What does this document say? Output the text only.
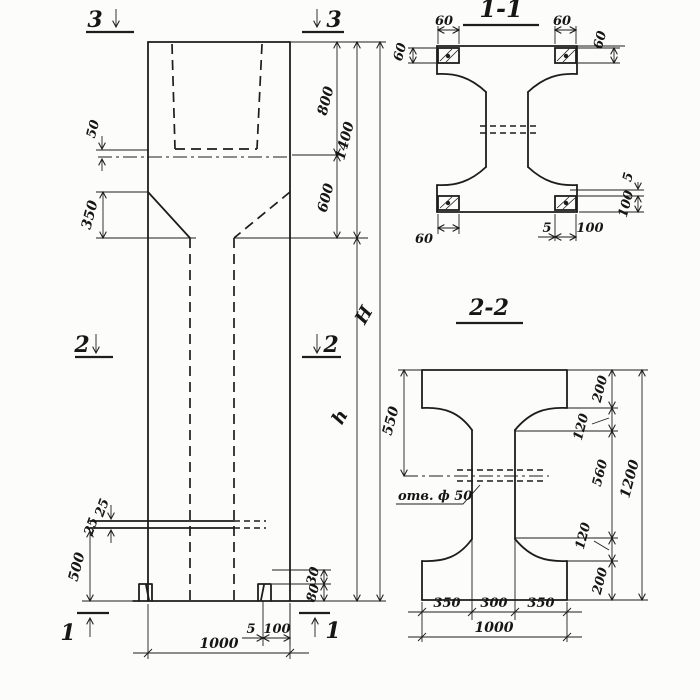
50
350
25
25
500	30
80
5 100
1000
800
600
1400
h
H
3	3
2	2
1	1
1-1
60
60
60
60
60
5
100
5 100
2-2
отв. ф 50
550
200
120
560
120
200
1200
350 300 350
1000
